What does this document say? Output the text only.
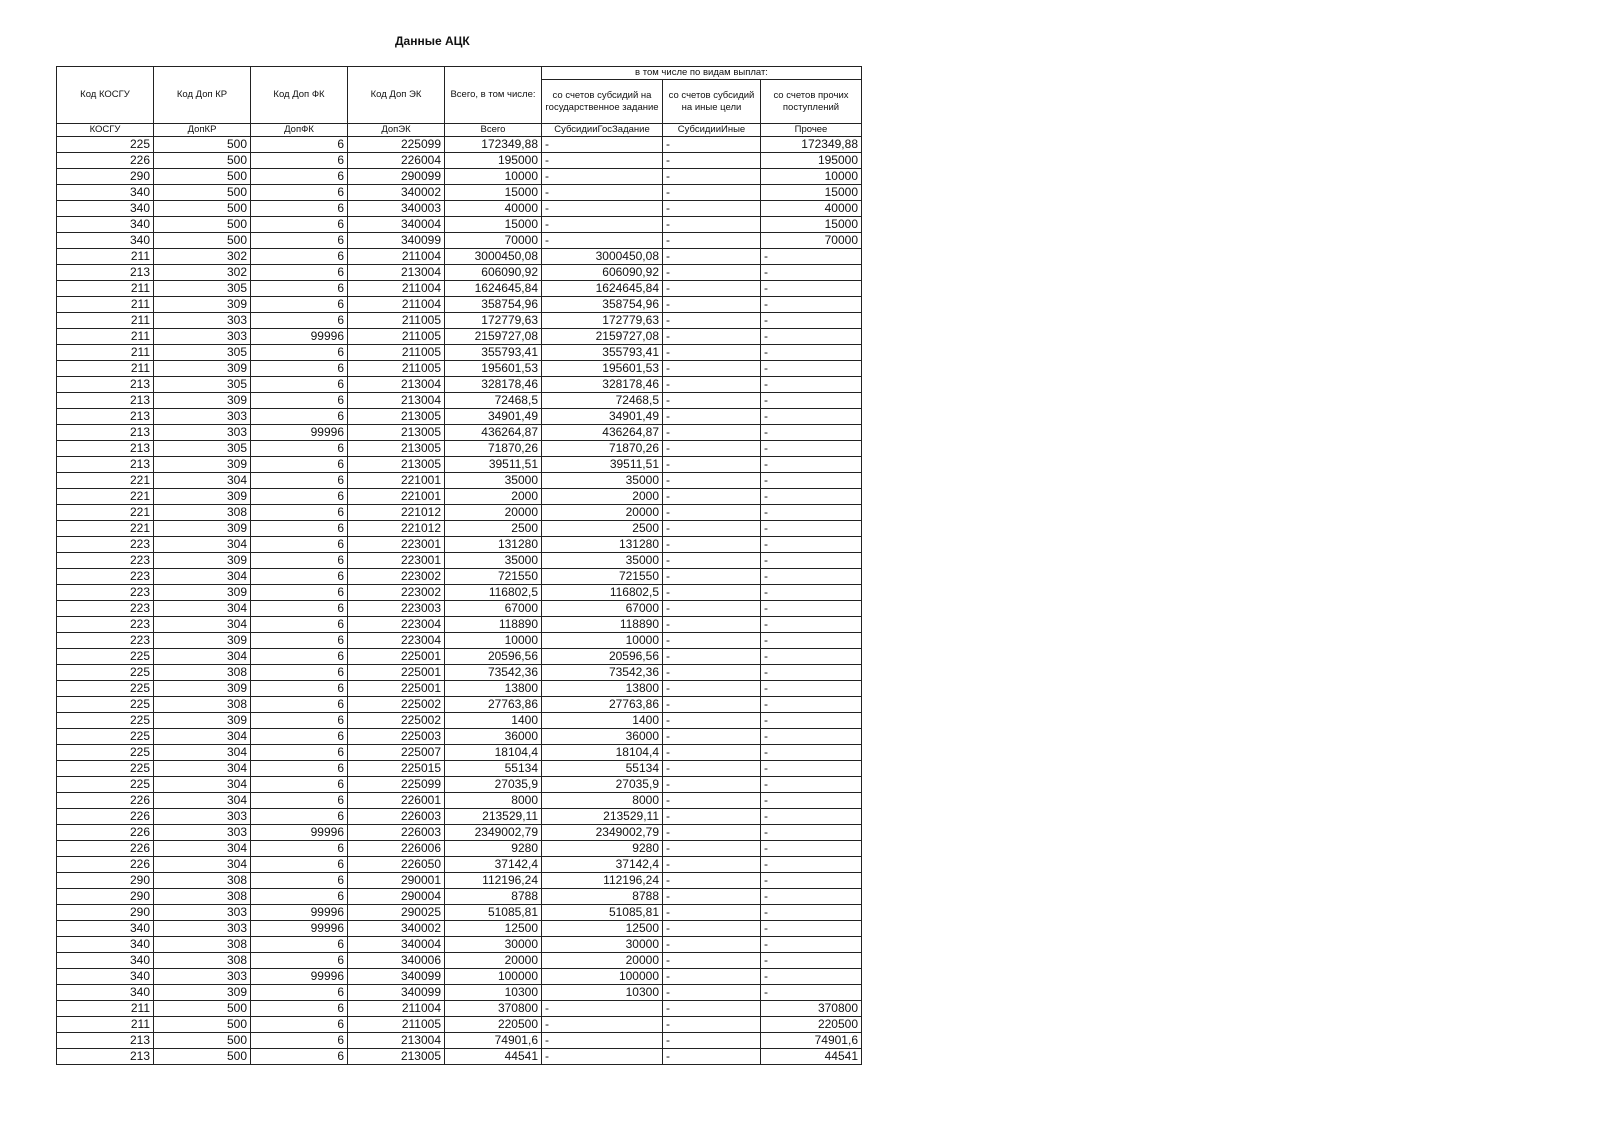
Данные АЦК
Код КОСГУ	Код Доп КР	Код Доп ФК	Код Доп ЭК	Всего, в том числе:	в том числе по видам выплат:		
					со счетов субсидий на государственное задание	со счетов субсидий на иные цели	со счетов прочих поступлений
КОСГУ	ДопКР	ДопФК	ДопЭК	Всего	СубсидииГосЗадание	СубсидииИные	Прочее
225	500	6	225099	172349,88	-	-	172349,88
226	500	6	226004	195000	-	-	195000
290	500	6	290099	10000	-	-	10000
340	500	6	340002	15000	-	-	15000
340	500	6	340003	40000	-	-	40000
340	500	6	340004	15000	-	-	15000
340	500	6	340099	70000	-	-	70000
211	302	6	211004	3000450,08	3000450,08	-	-
213	302	6	213004	606090,92	606090,92	-	-
211	305	6	211004	1624645,84	1624645,84	-	-
211	309	6	211004	358754,96	358754,96	-	-
211	303	6	211005	172779,63	172779,63	-	-
211	303	99996	211005	2159727,08	2159727,08	-	-
211	305	6	211005	355793,41	355793,41	-	-
211	309	6	211005	195601,53	195601,53	-	-
213	305	6	213004	328178,46	328178,46	-	-
213	309	6	213004	72468,5	72468,5	-	-
213	303	6	213005	34901,49	34901,49	-	-
213	303	99996	213005	436264,87	436264,87	-	-
213	305	6	213005	71870,26	71870,26	-	-
213	309	6	213005	39511,51	39511,51	-	-
221	304	6	221001	35000	35000	-	-
221	309	6	221001	2000	2000	-	-
221	308	6	221012	20000	20000	-	-
221	309	6	221012	2500	2500	-	-
223	304	6	223001	131280	131280	-	-
223	309	6	223001	35000	35000	-	-
223	304	6	223002	721550	721550	-	-
223	309	6	223002	116802,5	116802,5	-	-
223	304	6	223003	67000	67000	-	-
223	304	6	223004	118890	118890	-	-
223	309	6	223004	10000	10000	-	-
225	304	6	225001	20596,56	20596,56	-	-
225	308	6	225001	73542,36	73542,36	-	-
225	309	6	225001	13800	13800	-	-
225	308	6	225002	27763,86	27763,86	-	-
225	309	6	225002	1400	1400	-	-
225	304	6	225003	36000	36000	-	-
225	304	6	225007	18104,4	18104,4	-	-
225	304	6	225015	55134	55134	-	-
225	304	6	225099	27035,9	27035,9	-	-
226	304	6	226001	8000	8000	-	-
226	303	6	226003	213529,11	213529,11	-	-
226	303	99996	226003	2349002,79	2349002,79	-	-
226	304	6	226006	9280	9280	-	-
226	304	6	226050	37142,4	37142,4	-	-
290	308	6	290001	112196,24	112196,24	-	-
290	308	6	290004	8788	8788	-	-
290	303	99996	290025	51085,81	51085,81	-	-
340	303	99996	340002	12500	12500	-	-
340	308	6	340004	30000	30000	-	-
340	308	6	340006	20000	20000	-	-
340	303	99996	340099	100000	100000	-	-
340	309	6	340099	10300	10300	-	-
211	500	6	211004	370800	-	-	370800
211	500	6	211005	220500	-	-	220500
213	500	6	213004	74901,6	-	-	74901,6
213	500	6	213005	44541	-	-	44541
